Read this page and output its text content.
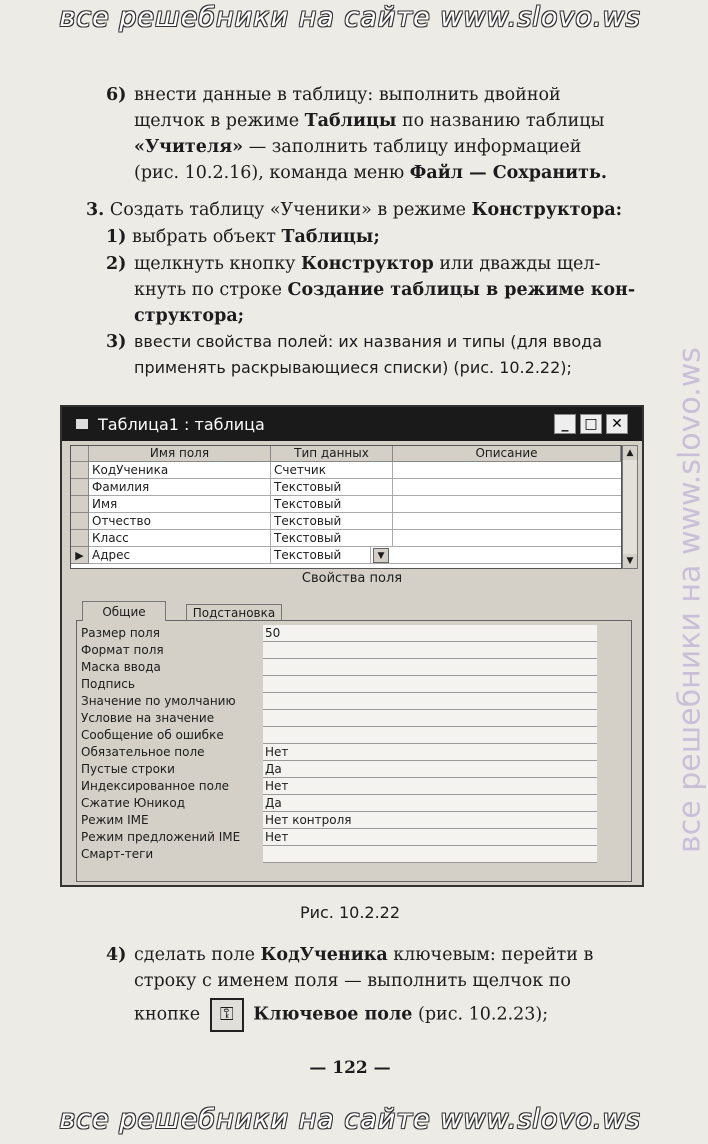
все решебники на сайте www.slovo.ws
все решебники на www.slovo.ws
6) внести данные в таблицу: выполнить двойной
щелчок в режиме Таблицы по названию таблицы
«Учителя» — заполнить таблицу информацией
(рис. 10.2.16), команда меню Файл — Сохранить.
3. Создать таблицу «Ученики» в режиме Конструктора:
1) выбрать объект Таблицы;
2) щелкнуть кнопку Конструктор или дважды щел-
кнуть по строке Создание таблицы в режиме кон-
структора;
3) ввести свойства полей: их названия и типы (для ввода
применять раскрывающиеся списки) (рис. 10.2.22);
Таблица1 : таблица	_	□ ✕
Имя поля	Тип данных	Описание
КодУченика	Счетчик
Фамилия	Текстовый
Имя	Текстовый
Отчество	Текстовый
Класс	Текстовый
▶ Адрес	Текстовый	▼
▲
▼
Свойства поля
Общие	Подстановка
Размер поля	50
Формат поля
Маска ввода
Подпись
Значение по умолчанию
Условие на значение
Сообщение об ошибке
Обязательное поле	Нет
Пустые строки	Да
Индексированное поле	Нет
Сжатие Юникод	Да
Режим IME	Нет контроля
Режим предложений IME Нет
Смарт-теги
Рис. 10.2.22
4) сделать поле КодУченика ключевым: перейти в
строку с именем поля — выполнить щелчок по
кнопке ⚿ Ключевое поле (рис. 10.2.23);
— 122 —
все решебники на сайте www.slovo.ws
